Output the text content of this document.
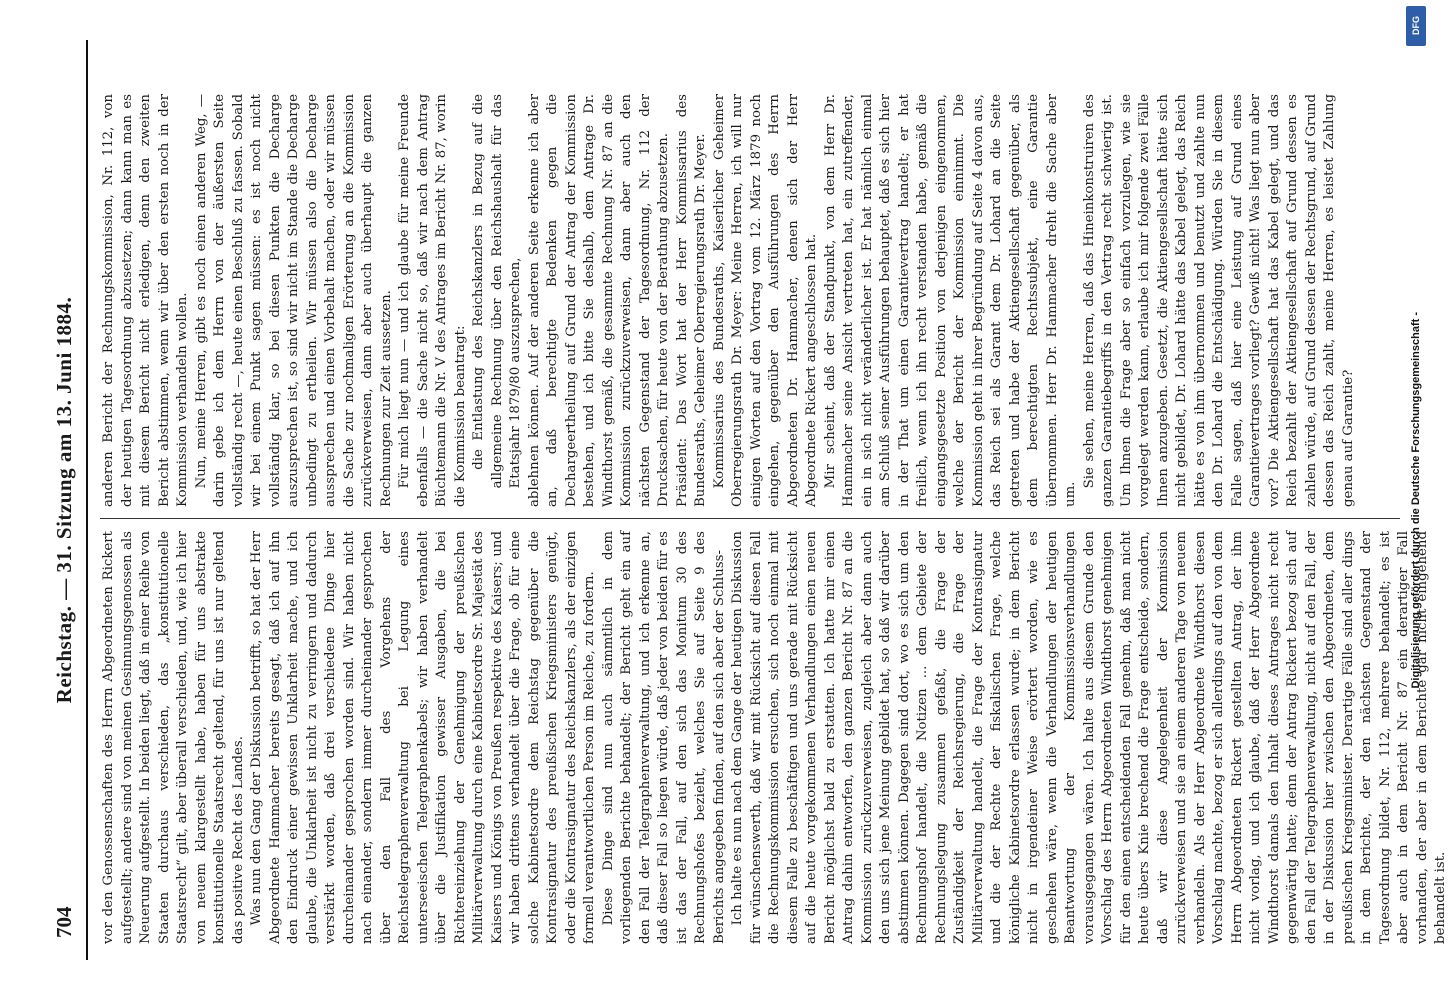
704
Reichstag. — 31. Sitzung am 13. Juni 1884.

vor den Genossenschaften des Herrn Abgeordneten Rickert aufgestellt; andere sind von meinen Gesinnungsgenossen als Neuerung aufgestellt. In beiden liegt, daß in einer Reihe von Staaten durchaus verschieden, das „konstitutionelle Staatsrecht“ gilt, aber überall verschieden, und, wie ich hier von neuem klargestellt habe, haben für uns abstrakte konstitutionelle Staatsrecht geltend, für uns ist nur geltend das positive Recht des Landes. Was nun den Gang der Diskussion betrifft, so hat der Herr Abgeordnete Hammacher bereits gesagt, daß ich auf ihn den Eindruck einer gewissen Unklarheit mache, und ich glaube, die Unklarheit ist nicht zu verringern und dadurch verstärkt worden, daß drei verschiedene Dinge hier durcheinander gesprochen worden sind. Wir haben nicht nach einander, sondern immer durcheinander gesprochen über den Fall des Vorgehens der Reichstelegraphenverwaltung bei Legung eines unterseeischen Telegraphenkabels; wir haben verhandelt über die Justifikation gewisser Ausgaben, die bei Richtereinziehung der Genehmigung der preußischen Militärverwaltung durch eine Kabinetsordre Sr. Majestät des Kaisers und Königs von Preußen respektive des Kaisers; und wir haben drittens verhandelt über die Frage, ob für eine solche Kabinetsordre dem Reichstag gegenüber die Kontrasignatur des preußischen Kriegsministers genügt, oder die Kontrasignatur des Reichskanzlers, als der einzigen formell verantwortlichen Person im Reiche, zu fordern. Diese Dinge sind nun auch sämmtlich in dem vorliegenden Berichte behandelt; der Bericht geht ein auf den Fall der Telegraphenverwaltung, und ich erkenne an, daß dieser Fall so liegen würde, daß jeder von beiden für es ist das der Fall, auf den sich das Monitum 30 des Rechnungshofes bezieht, welches Sie auf Seite 9 des Berichts angegeben finden, auf den sich aber der Schluss- Ich halte es nun nach dem Gange der heutigen Diskussion für wünschenswerth, daß wir mit Rücksicht auf diesen Fall die Rechnungskommission ersuchen, sich noch einmal mit diesem Falle zu beschäftigen und uns gerade mit Rücksicht auf die heute vorgekommenen Verhandlungen einen neuen Bericht möglichst bald zu erstatten. Ich hatte mir einen Antrag dahin entworfen, den ganzen Bericht Nr. 87 an die Kommission zurückzuverweisen, zugleich aber dann auch den uns sich jene Meinung gebildet hat, so daß wir darüber abstimmen können. Dagegen sind dort, wo es sich um den Rechnungshof handelt, die Notizen ... dem Gebiete der Rechnungslegung zusammen gefaßt, die Frage der Zuständigkeit der Reichsregierung, die Frage der Militärverwaltung handelt, die Frage der Kontrasignatur und die der Rechte der fiskalischen Frage, welche königliche Kabinetsordre erlassen wurde; in dem Bericht nicht in irgendeiner Weise erörtert worden, wie es geschehen wäre, wenn die Verhandlungen der heutigen Beantwortung der Kommissionsverhandlungen vorausgegangen wären. Ich halte aus diesem Grunde den Vorschlag des Herrn Abgeordneten Windthorst genehmigen für den einen entscheidenden Fall genehm, daß man nicht heute übers Knie brechend die Frage entscheide, sondern, daß wir diese Angelegenheit der Kommission zurückverweisen und sie an einem anderen Tage von neuem verhandeln. Als der Herr Abgeordnete Windthorst diesen Vorschlag machte, bezog er sich allerdings auf den von dem Herrn Abgeordneten Rickert gestellten Antrag, der ihm nicht vorlag, und ich glaube, daß der Herr Abgeordnete Windthorst damals den Inhalt dieses Antrages nicht recht gegenwärtig hatte; denn der Antrag Rickert bezog sich auf den Fall der Telegraphenverwaltung, nicht auf den Fall, der in der Diskussion hier zwischen den Abgeordneten, dem preußischen Kriegsminister. Derartige Fälle sind aller dings in dem Berichte, der den nächsten Gegenstand der Tagesordnung bildet, Nr. 112, mehrere behandelt; es ist aber auch in dem Bericht Nr. 87 ein derartiger Fall vorhanden, der aber in dem Berichte gar nicht eingehend behandelt ist.

anderen Bericht der Rechnungskommission, Nr. 112, von der heutigen Tagesordnung abzusetzen; dann kann man es mit diesem Bericht nicht erledigen, denn den zweiten Bericht abstimmen, wenn wir über den ersten noch in der Kommission verhandeln wollen. Nun, meine Herren, gibt es noch einen anderen Weg, — darin gebe ich dem Herrn von der äußersten Seite vollständig recht —, heute einen Beschluß zu fassen. Sobald wir bei einem Punkt sagen müssen: es ist noch nicht vollständig klar, so bei diesen Punkten die Decharge auszusprechen ist, so sind wir nicht im Stande die Decharge unbedingt zu ertheilen. Wir müssen also die Decharge aussprechen und einen Vorbehalt machen, oder wir müssen die Sache zur nochmaligen Erörterung an die Kommission zurückverweisen, dann aber auch überhaupt die ganzen Rechnungen zur Zeit aussetzen. Für mich liegt nun — und ich glaube für meine Freunde ebenfalls — die Sache nicht so, daß wir nach dem Antrag Büchtemann die Nr. V des Antrages im Bericht Nr. 87, worin die Kommission beantragt: die Entlastung des Reichskanzlers in Bezug auf die allgemeine Rechnung über den Reichshaushalt für das Etatsjahr 1879/80 auszusprechen, ablehnen können. Auf der anderen Seite erkenne ich aber an, daß berechtigte Bedenken gegen die Dechargeertheilung auf Grund der Antrag der Kommission bestehen, und ich bitte Sie deshalb, dem Antrage Dr. Windthorst gemäß, die gesammte Rechnung Nr. 87 an die Kommission zurückzuverweisen, dann aber auch den nächsten Gegenstand der Tagesordnung, Nr. 112 der Drucksachen, für heute von der Berathung abzusetzen. Präsident: Das Wort hat der Herr Kommissarius des Bundesraths, Geheimer Oberregierungsrath Dr. Meyer. Kommissarius des Bundesraths, Kaiserlicher Geheimer Oberregierungsrath Dr. Meyer: Meine Herren, ich will nur einigen Worten auf den Vortrag vom 12. März 1879 noch eingehen, gegenüber den Ausführungen des Herrn Abgeordneten Dr. Hammacher, denen sich der Herr Abgeordnete Rickert angeschlossen hat. Mir scheint, daß der Standpunkt, von dem Herr Dr. Hammacher seine Ansicht vertreten hat, ein zutreffender, ein in sich nicht veränderlicher ist. Er hat nämlich einmal am Schluß seiner Ausführungen behauptet, daß es sich hier in der That um einen Garantievertrag handelt; er hat freilich, wenn ich ihn recht verstanden habe, gemäß die eingangsgesetzte Position von derjenigen eingenommen, welche der Bericht der Kommission einnimmt. Die Kommission geht in ihrer Begründung auf Seite 4 davon aus, das Reich sei als Garant dem Dr. Lohard an die Seite getreten und habe der Aktiengesellschaft gegenüber, als dem berechtigten Rechtssubjekt, eine Garantie übernommen. Herr Dr. Hammacher dreht die Sache aber um.

Sie sehen, meine Herren, daß das Hineinkonstruiren des ganzen Garantiebegriffs in den Vertrag recht schwierig ist. Um Ihnen die Frage aber so einfach vorzulegen, wie sie vorgelegt werden kann, erlaube ich mir folgende zwei Fälle Ihnen anzugeben. Gesetzt, die Aktiengesellschaft hätte sich nicht gebildet, Dr. Lohard hätte das Kabel gelegt, das Reich hätte es von ihm übernommen und benutzt und zahlte nun den Dr. Lohard die Entschädigung. Würden Sie in diesem Falle sagen, daß hier eine Leistung auf Grund eines Garantievertrages vorliegt? Gewiß nicht! Was liegt nun aber vor? Die Aktiengesellschaft hat das Kabel gelegt, und das Reich bezahlt der Aktiengesellschaft auf Grund dessen es zahlen würde, auf Grund dessen der Rechtsgrund, auf Grund dessen das Reich zahlt, meine Herren, es leistet Zahlung genau auf Garantie?

DFG
Digitalisierung gefördert durch die Deutsche Forschungsgemeinschaft -
